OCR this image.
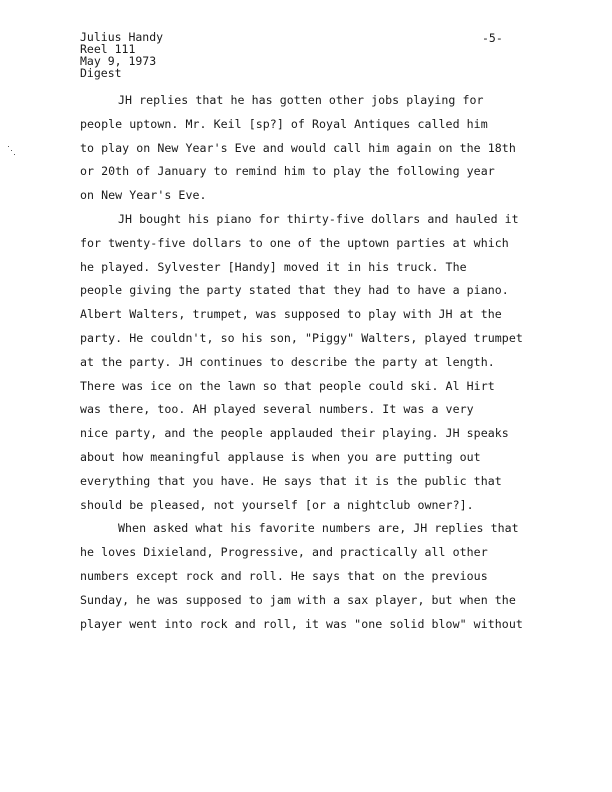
Julius Handy
Reel 111
May 9, 1973
Digest
-5-
JH replies that he has gotten other jobs playing for
people uptown. Mr. Keil [sp?] of Royal Antiques called him
to play on New Year's Eve and would call him again on the 18th
or 20th of January to remind him to play the following year
on New Year's Eve.
JH bought his piano for thirty-five dollars and hauled it
for twenty-five dollars to one of the uptown parties at which
he played. Sylvester [Handy] moved it in his truck. The
people giving the party stated that they had to have a piano.
Albert Walters, trumpet, was supposed to play with JH at the
party. He couldn't, so his son, "Piggy" Walters, played trumpet
at the party. JH continues to describe the party at length.
There was ice on the lawn so that people could ski. Al Hirt
was there, too. AH played several numbers. It was a very
nice party, and the people applauded their playing. JH speaks
about how meaningful applause is when you are putting out
everything that you have. He says that it is the public that
should be pleased, not yourself [or a nightclub owner?].
When asked what his favorite numbers are, JH replies that
he loves Dixieland, Progressive, and practically all other
numbers except rock and roll. He says that on the previous
Sunday, he was supposed to jam with a sax player, but when the
player went into rock and roll, it was "one solid blow" without
